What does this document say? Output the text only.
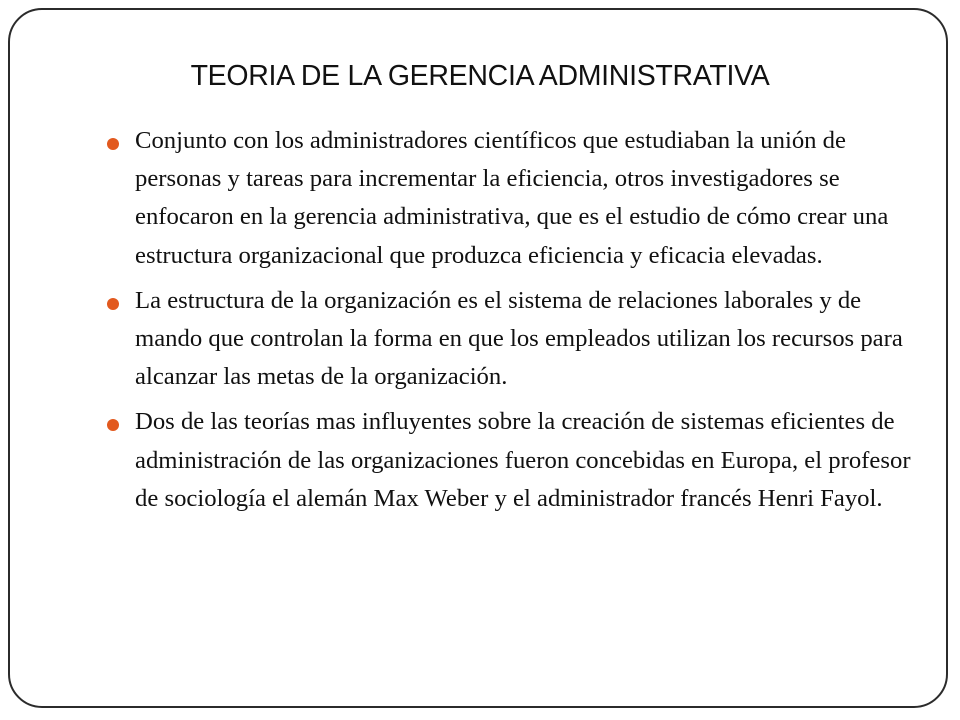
TEORIA DE LA GERENCIA ADMINISTRATIVA
Conjunto con los administradores científicos que estudiaban la unión de personas y tareas para incrementar la eficiencia, otros investigadores se enfocaron en la gerencia administrativa, que es el estudio de cómo crear una estructura organizacional que produzca eficiencia y eficacia elevadas.
La estructura de la organización es el sistema de relaciones laborales y de mando que controlan la forma en que los empleados utilizan los recursos para alcanzar las metas de la organización.
Dos de las teorías mas influyentes sobre la creación de sistemas eficientes de administración de las organizaciones fueron concebidas en Europa, el profesor de sociología el alemán Max Weber y el administrador francés Henri Fayol.
